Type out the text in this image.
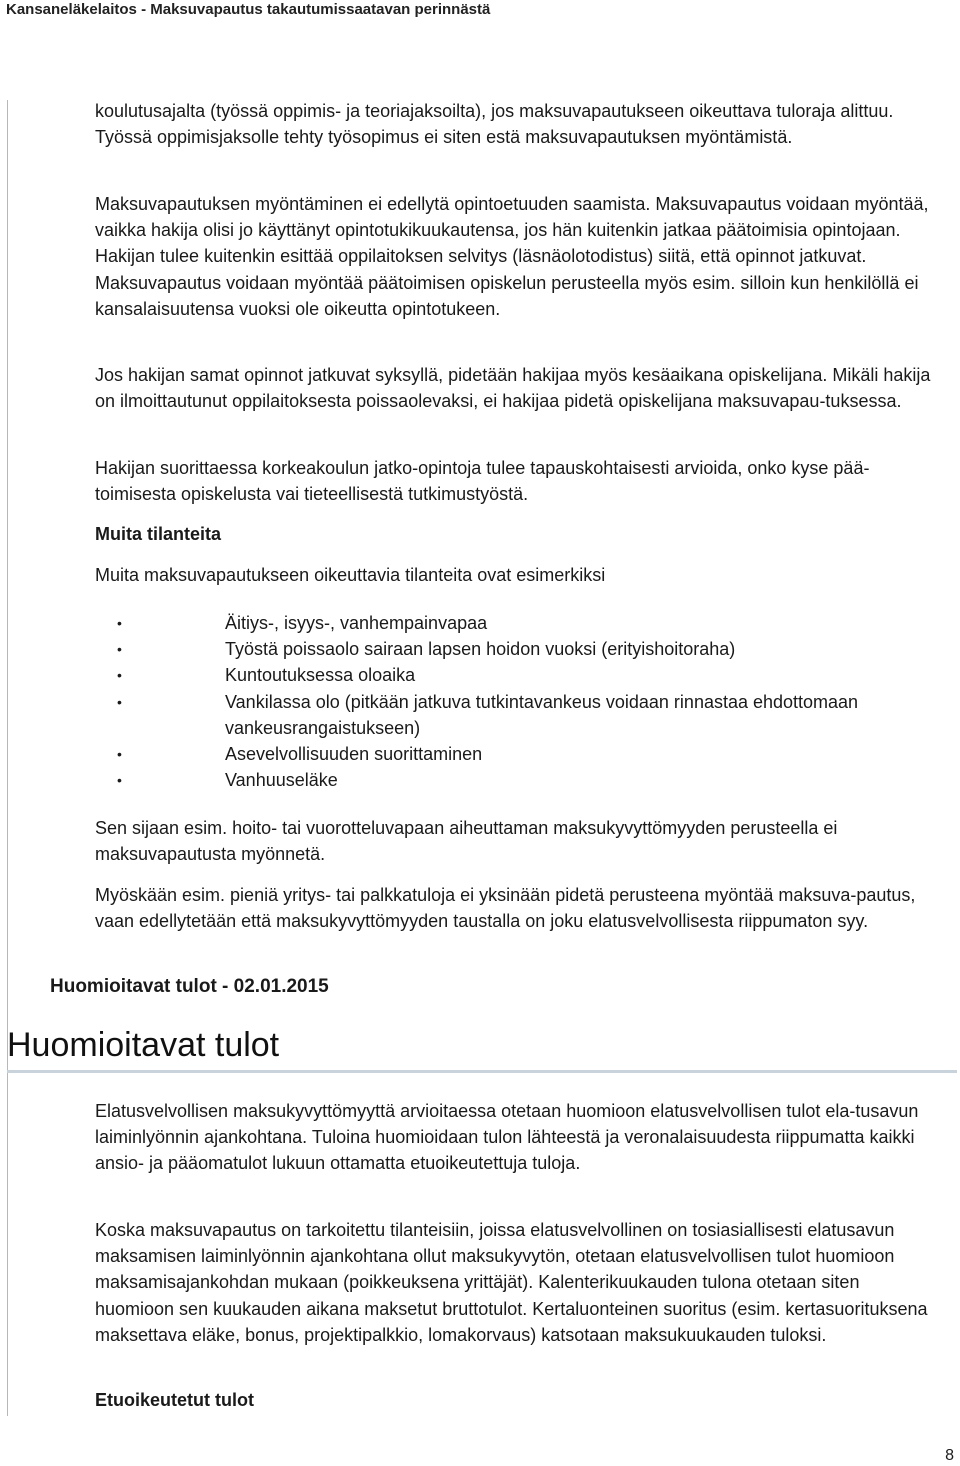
Kansaneläkelaitos - Maksuvapautus takautumissaatavan perinnästä

koulutusajalta (työssä oppimis- ja teoriajaksoilta), jos maksuvapautukseen oikeuttava tuloraja alittuu. Työssä oppimisjaksolle tehty työsopimus ei siten estä maksuvapautuksen myöntämistä.

Maksuvapautuksen myöntäminen ei edellytä opintoetuuden saamista. Maksuvapautus voidaan myöntää, vaikka hakija olisi jo käyttänyt opintotukikuukautensa, jos hän kuitenkin jatkaa päätoimisia opintojaan. Hakijan tulee kuitenkin esittää oppilaitoksen selvitys (läsnäolotodistus) siitä, että opinnot jatkuvat. Maksuvapautus voidaan myöntää päätoimisen opiskelun perusteella myös esim. silloin kun henkilöllä ei kansalaisuutensa vuoksi ole oikeutta opintotukeen.

Jos hakijan samat opinnot jatkuvat syksyllä, pidetään hakijaa myös kesäaikana opiskelijana. Mikäli hakija on ilmoittautunut oppilaitoksesta poissaolevaksi, ei hakijaa pidetä opiskelijana maksuvapau-tuksessa.

Hakijan suorittaessa korkeakoulun jatko-opintoja tulee tapauskohtaisesti arvioida, onko kyse pää-toimisesta opiskelusta vai tieteellisestä tutkimustyöstä.

Muita tilanteita

Muita maksuvapautukseen oikeuttavia tilanteita ovat esimerkiksi

•	Äitiys-, isyys-, vanhempainvapaa
•	Työstä poissaolo sairaan lapsen hoidon vuoksi (erityishoitoraha)
•	Kuntoutuksessa oloaika
•	Vankilassa olo (pitkään jatkuva tutkintavankeus voidaan rinnastaa ehdottomaan vankeusrangaistukseen)
•	Asevelvollisuuden suorittaminen
•	Vanhuuseläke

Sen sijaan esim. hoito- tai vuorotteluvapaan aiheuttaman maksukyvyttömyyden perusteella ei maksuvapautusta myönnetä.

Myöskään esim. pieniä yritys- tai palkkatuloja ei yksinään pidetä perusteena myöntää maksuva-pautus, vaan edellytetään että maksukyvyttömyyden taustalla on joku elatusvelvollisesta riippumaton syy.

Huomioitavat tulot - 02.01.2015

Huomioitavat tulot

Elatusvelvollisen maksukyvyttömyyttä arvioitaessa otetaan huomioon elatusvelvollisen tulot ela-tusavun laiminlyönnin ajankohtana. Tuloina huomioidaan tulon lähteestä ja veronalaisuudesta riippumatta kaikki ansio- ja pääomatulot lukuun ottamatta etuoikeutettuja tuloja.

Koska maksuvapautus on tarkoitettu tilanteisiin, joissa elatusvelvollinen on tosiasiallisesti elatusavun maksamisen laiminlyönnin ajankohtana ollut maksukyvytön, otetaan elatusvelvollisen tulot huomioon maksamisajankohdan mukaan (poikkeuksena yrittäjät). Kalenterikuukauden tulona otetaan siten huomioon sen kuukauden aikana maksetut bruttotulot. Kertaluonteinen suoritus (esim. kertasuorituksena maksettava eläke, bonus, projektipalkkio, lomakorvaus) katsotaan maksukuukauden tuloksi.

Etuoikeutetut tulot
8
